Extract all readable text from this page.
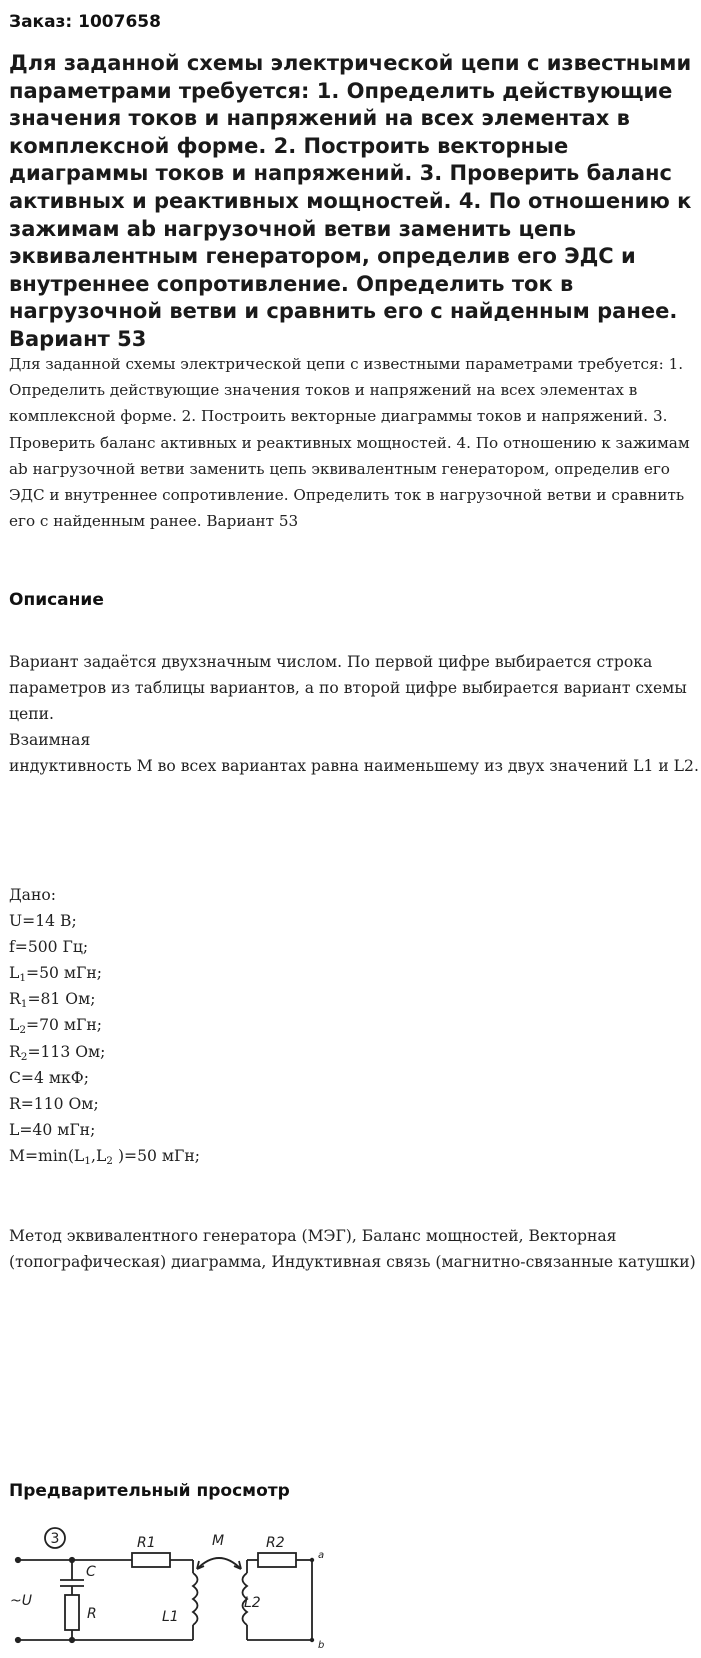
Заказ: 1007658

Для заданной схемы электрической цепи с известными параметрами требуется: 1. Определить действующие значения токов и напряжений на всех элементах в комплексной форме. 2. Построить векторные диаграммы токов и напряжений. 3. Проверить баланс активных и реактивных мощностей. 4. По отношению к зажимам ab нагрузочной ветви заменить цепь эквивалентным генератором, определив его ЭДС и внутреннее сопротивление. Определить ток в нагрузочной ветви и сравнить его с найденным ранее. Вариант 53

Для заданной схемы электрической цепи с известными параметрами требуется: 1. Определить действующие значения токов и напряжений на всех элементах в комплексной форме. 2. Построить векторные диаграммы токов и напряжений. 3. Проверить баланс активных и реактивных мощностей. 4. По отношению к зажимам ab нагрузочной ветви заменить цепь эквивалентным генератором, определив его ЭДС и внутреннее сопротивление. Определить ток в нагрузочной ветви и сравнить его с найденным ранее. Вариант 53

Описание

Вариант задаётся двухзначным числом. По первой цифре выбирается строка параметров из таблицы вариантов, а по второй цифре выбирается вариант схемы цепи.

Взаимная

индуктивность М во всех вариантах равна наименьшему из двух значений L1 и L2.

Дано:
U=14 В;
f=500 Гц;
$L_1=50$ мГн;
$R_1=81$ Ом;
$L_2=70$ мГн;
$R_2=113$ Ом;
C=4 мкФ;
R=110 Ом;
L=40 мГн;
$M=\min(L_1,L_2$ )=50 мГн;

Метод эквивалентного генератора (МЭГ), Баланс мощностей, Векторная (топографическая) диаграмма, Индуктивная связь (магнитно-связанные катушки)

Предварительный просмотр
3	R1	R2
M
C
R
~U
L1
L2
a
b
